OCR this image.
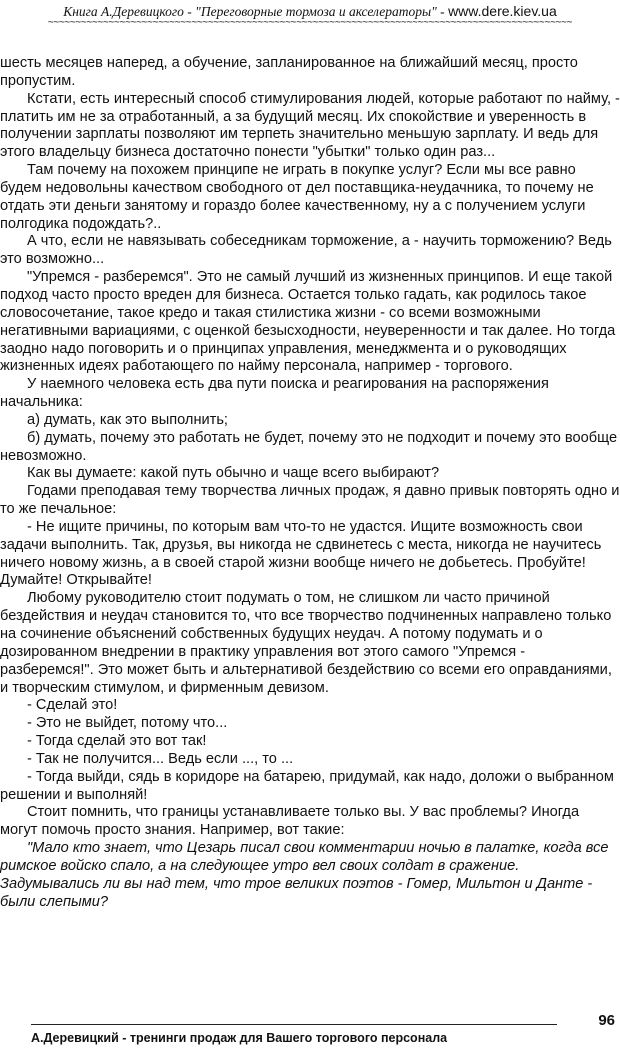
Книга А.Деревицкого - "Переговорные тормоза и акселераторы" - www.dere.kiev.ua
~~~~~~~~~~~~~~~~~~~~~~~~~~~~~~~~~~~~~~~~~~~~~~~~~~~~~~~~~~~~~~~~~~~~~~~~~~~~~~~~~~~~~~~~~~~~~~~

шесть месяцев наперед, а обучение, запланированное на ближайший месяц, просто пропустим.

Кстати, есть интересный способ стимулирования людей, которые работают по найму, - платить им не за отработанный, а за будущий месяц. Их спокойствие и уверенность в получении зарплаты позволяют им терпеть значительно меньшую зарплату. И ведь для этого владельцу бизнеса достаточно понести "убытки" только один раз...

Там почему на похожем принципе не играть в покупке услуг? Если мы все равно будем недовольны качеством свободного от дел поставщика-неудачника, то почему не отдать эти деньги занятому и гораздо более качественному, ну а с получением услуги полгодика подождать?..

А что, если не навязывать собеседникам торможение, а - научить торможению? Ведь это возможно...

"Упремся - разберемся". Это не самый лучший из жизненных принципов. И еще такой подход часто просто вреден для бизнеса. Остается только гадать, как родилось такое словосочетание, такое кредо и такая стилистика жизни - со всеми возможными негативными вариациями, с оценкой безысходности, неуверенности и так далее. Но тогда заодно надо поговорить и о принципах управления, менеджмента и о руководящих жизненных идеях работающего по найму персонала, например - торгового.

У наемного человека есть два пути поиска и реагирования на распоряжения начальника:

а) думать, как это выполнить;

б) думать, почему это работать не будет, почему это не подходит и почему это вообще невозможно.

Как вы думаете: какой путь обычно и чаще всего выбирают?

Годами преподавая тему творчества личных продаж, я давно привык повторять одно и то же печальное:

- Не ищите причины, по которым вам что-то не удастся. Ищите возможность свои задачи выполнить. Так, друзья, вы никогда не сдвинетесь с места, никогда не научитесь ничего новому жизнь, а в своей старой жизни вообще ничего не добьетесь. Пробуйте! Думайте! Открывайте!

Любому руководителю стоит подумать о том, не слишком ли часто причиной бездействия и неудач становится то, что все творчество подчиненных направлено только на сочинение объяснений собственных будущих неудач. А потому подумать и о дозированном внедрении в практику управления вот этого самого "Упремся - разберемся!". Это может быть и альтернативой бездействию со всеми его оправданиями, и творческим стимулом, и фирменным девизом.

- Сделай это!

- Это не выйдет, потому что...

- Тогда сделай это вот так!

- Так не получится... Ведь если ..., то ...

- Тогда выйди, сядь в коридоре на батарею, придумай, как надо, доложи о выбранном решении и выполняй!

Стоит помнить, что границы устанавливаете только вы. У вас проблемы? Иногда могут помочь просто знания. Например, вот такие:

"Мало кто знает, что Цезарь писал свои комментарии ночью в палатке, когда все римское войско спало, а на следующее утро вел своих солдат в сражение. Задумывались ли вы над тем, что трое великих поэтов - Гомер, Мильтон и Данте - были слепыми?

96
А.Деревицкий - тренинги продаж для Вашего торгового персонала
